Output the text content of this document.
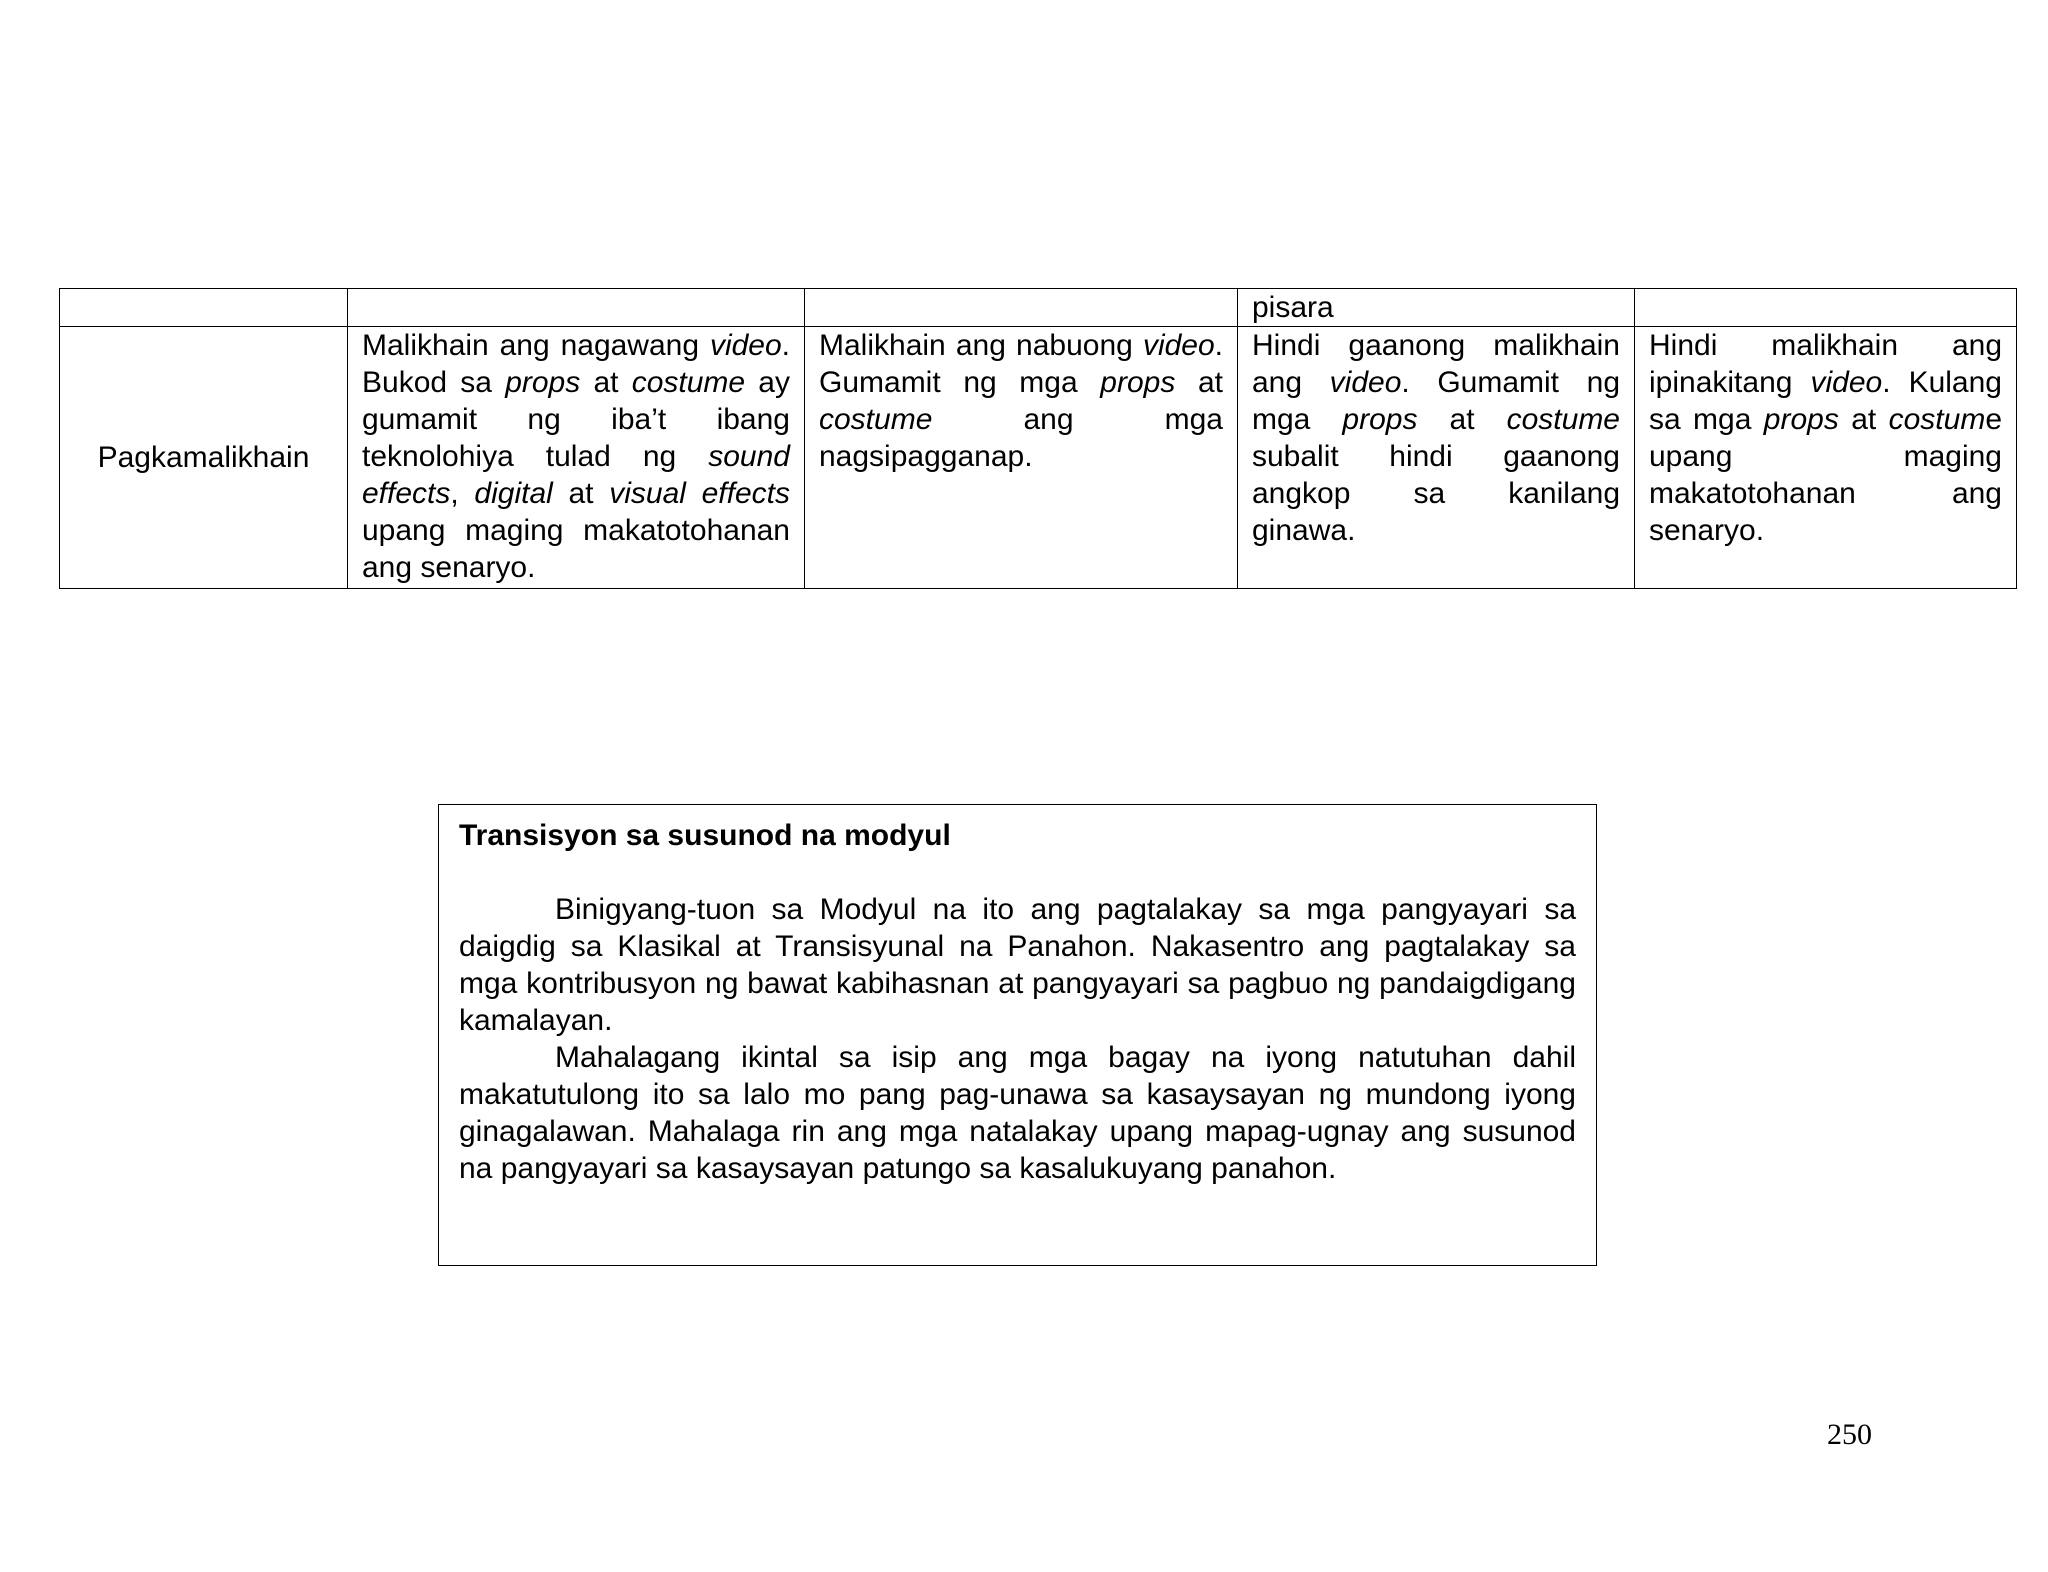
			pisara	
Pagkamalikhain	Malikhain ang nagawang video. Bukod sa props at costume ay gumamit ng iba’t ibang teknolohiya tulad ng sound effects, digital at visual effects upang maging makatotohanan ang senaryo.	Malikhain ang nabuong video. Gumamit ng mga props at costume ang mga nagsipagganap.	Hindi gaanong malikhain ang video. Gumamit ng mga props at costume subalit hindi gaanong angkop sa kanilang ginawa.	Hindi malikhain ang ipinakitang video. Kulang sa mga props at costume upang maging makatotohanan ang senaryo.
Transisyon sa susunod na modyul

Binigyang-tuon sa Modyul na ito ang pagtalakay sa mga pangyayari sa daigdig sa Klasikal at Transisyunal na Panahon. Nakasentro ang pagtalakay sa mga kontribusyon ng bawat kabihasnan at pangyayari sa pagbuo ng pandaigdigang kamalayan.

Mahalagang ikintal sa isip ang mga bagay na iyong natutuhan dahil makatutulong ito sa lalo mo pang pag-unawa sa kasaysayan ng mundong iyong ginagalawan. Mahalaga rin ang mga natalakay upang mapag-ugnay ang susunod na pangyayari sa kasaysayan patungo sa kasalukuyang panahon.

250
